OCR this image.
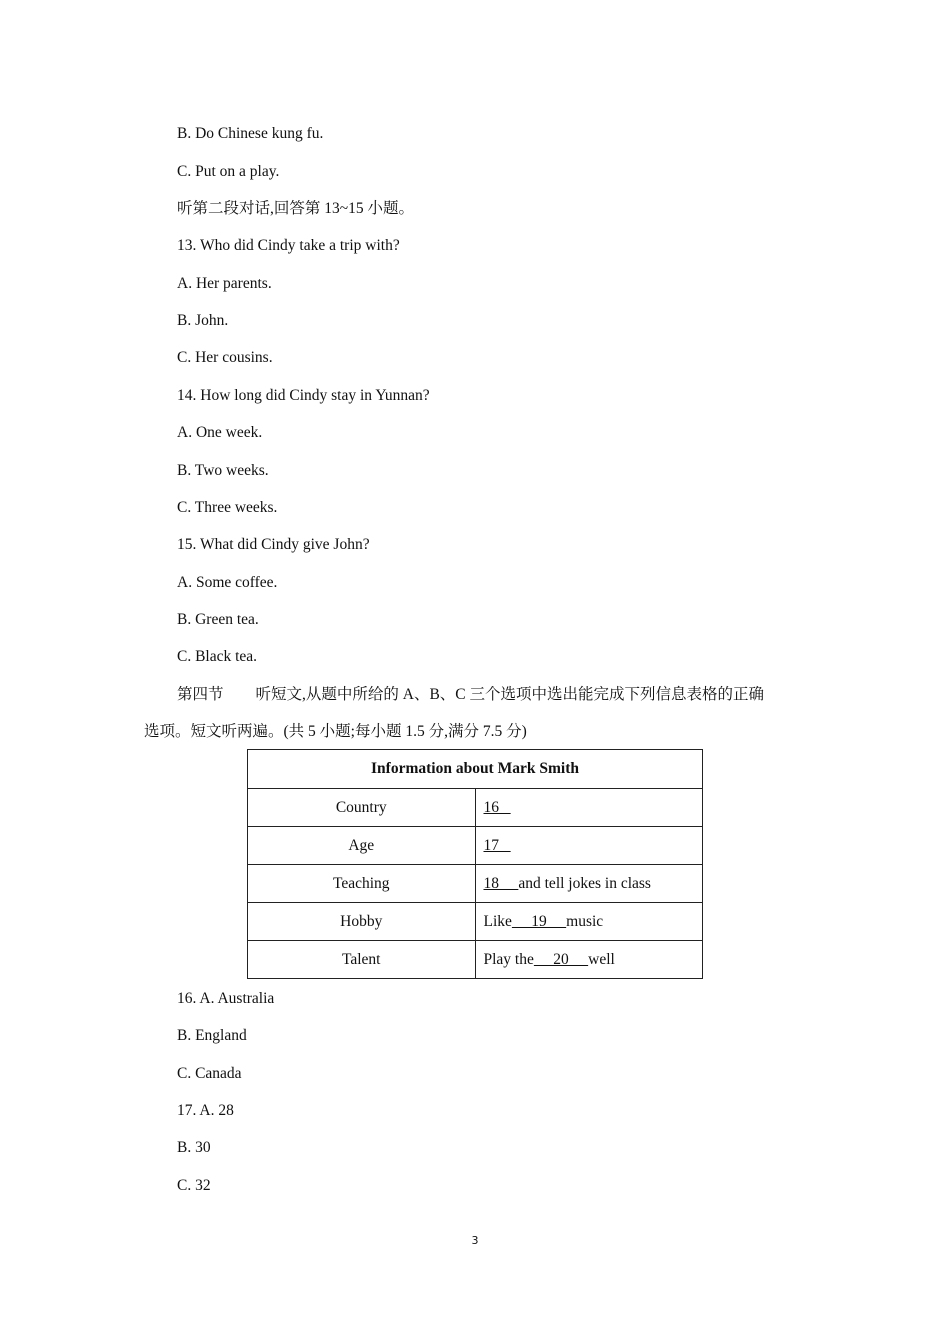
B. Do Chinese kung fu.
C. Put on a play.
听第二段对话,回答第 13~15 小题。
13. Who did Cindy take a trip with?
A. Her parents.
B. John.
C. Her cousins.
14. How long did Cindy stay in Yunnan?
A. One week.
B. Two weeks.
C. Three weeks.
15. What did Cindy give John?
A. Some coffee.
B. Green tea.
C. Black tea.
第四节 听短文,从题中所给的 A、B、C 三个选项中选出能完成下列信息表格的正确
选项。短文听两遍。(共 5 小题;每小题 1.5 分,满分 7.5 分)
Information about Mark Smith	
Country	16
Age	17
Teaching	18     and tell jokes in class
Hobby	Like     19     music
Talent	Play the     20     well
16. A. Australia
B. England
C. Canada
17. A. 28
B. 30
C. 32
3
